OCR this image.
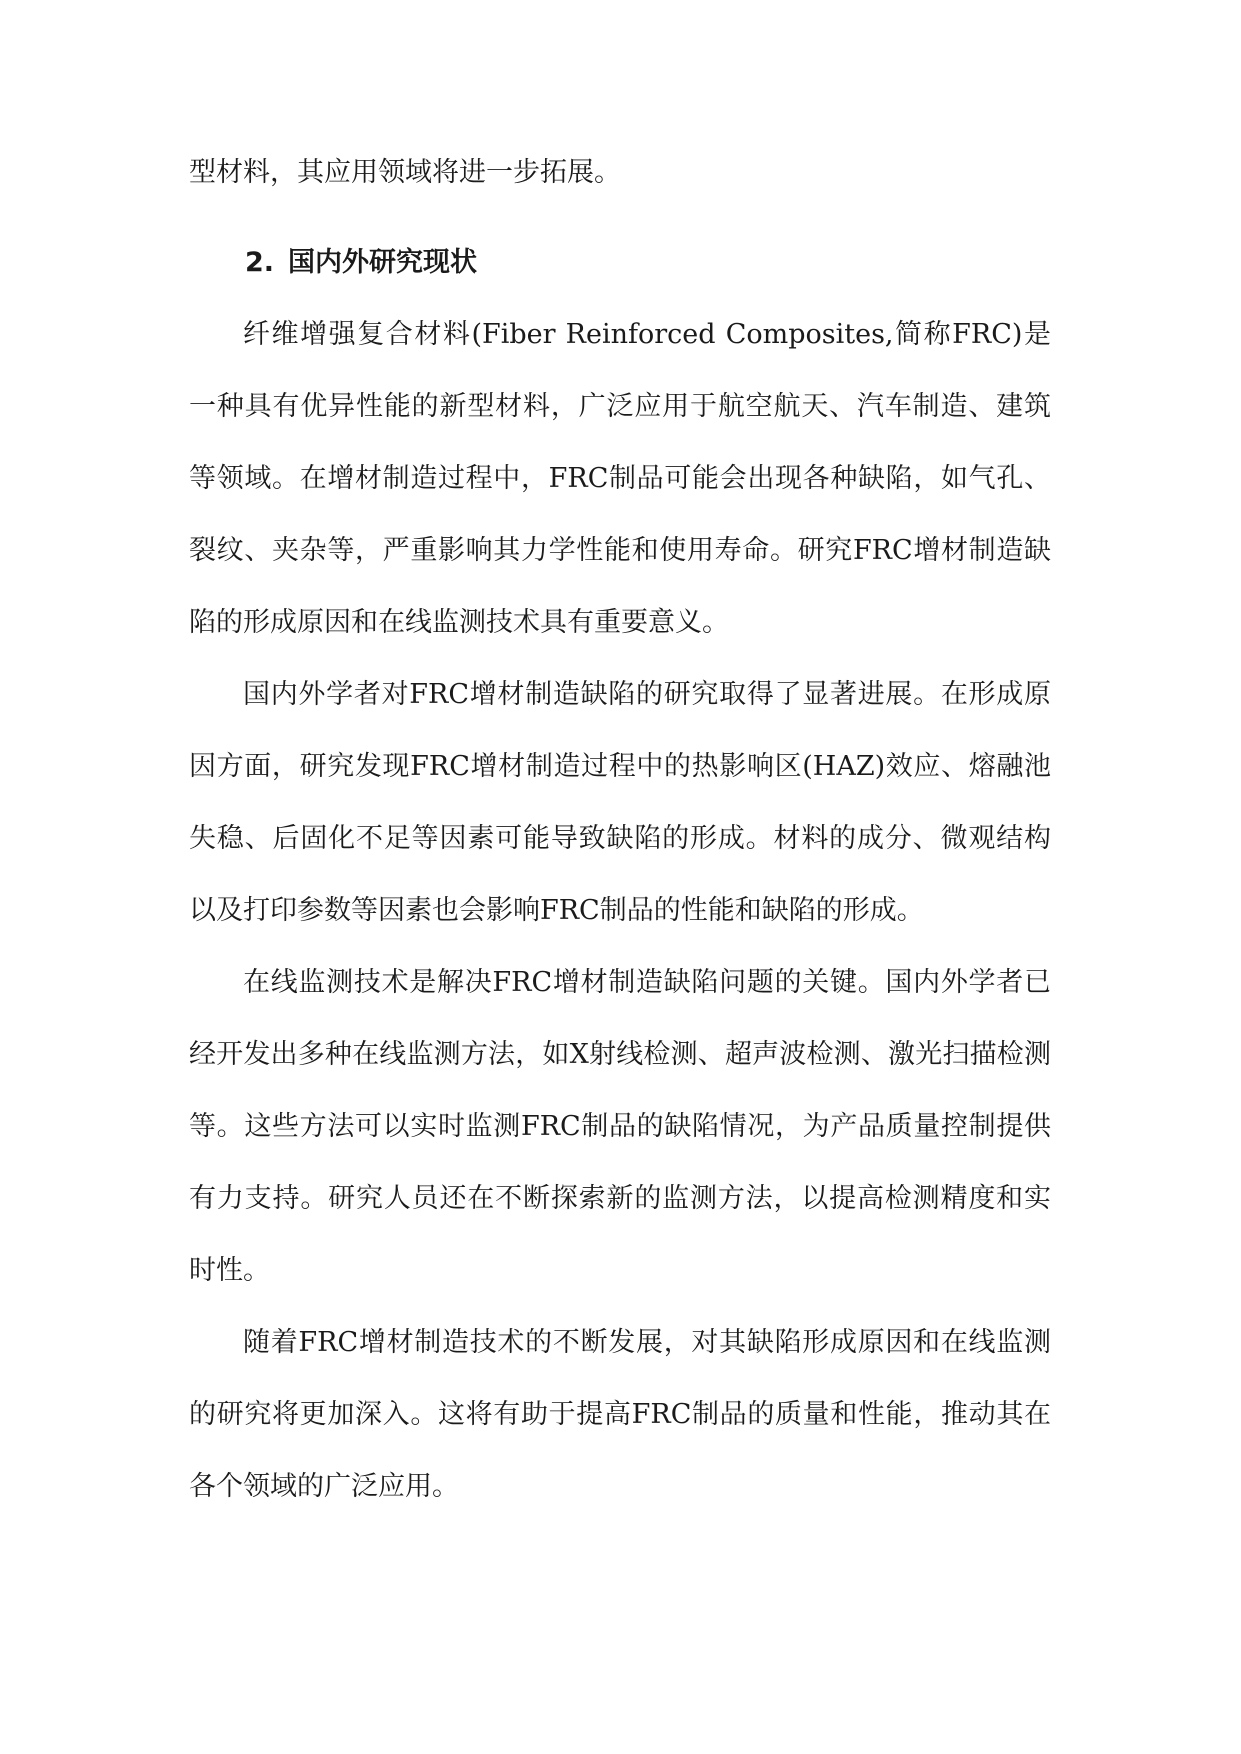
型材料，其应用领域将进一步拓展。

2. 国内外研究现状

纤维增强复合材料(Fiber Reinforced Composites,简称FRC)是一种具有优异性能的新型材料，广泛应用于航空航天、汽车制造、建筑等领域。在增材制造过程中，FRC制品可能会出现各种缺陷，如气孔、裂纹、夹杂等，严重影响其力学性能和使用寿命。研究FRC增材制造缺陷的形成原因和在线监测技术具有重要意义。

国内外学者对FRC增材制造缺陷的研究取得了显著进展。在形成原因方面，研究发现FRC增材制造过程中的热影响区(HAZ)效应、熔融池失稳、后固化不足等因素可能导致缺陷的形成。材料的成分、微观结构以及打印参数等因素也会影响FRC制品的性能和缺陷的形成。

在线监测技术是解决FRC增材制造缺陷问题的关键。国内外学者已经开发出多种在线监测方法，如X射线检测、超声波检测、激光扫描检测等。这些方法可以实时监测FRC制品的缺陷情况，为产品质量控制提供有力支持。研究人员还在不断探索新的监测方法，以提高检测精度和实时性。

随着FRC增材制造技术的不断发展，对其缺陷形成原因和在线监测的研究将更加深入。这将有助于提高FRC制品的质量和性能，推动其在各个领域的广泛应用。
